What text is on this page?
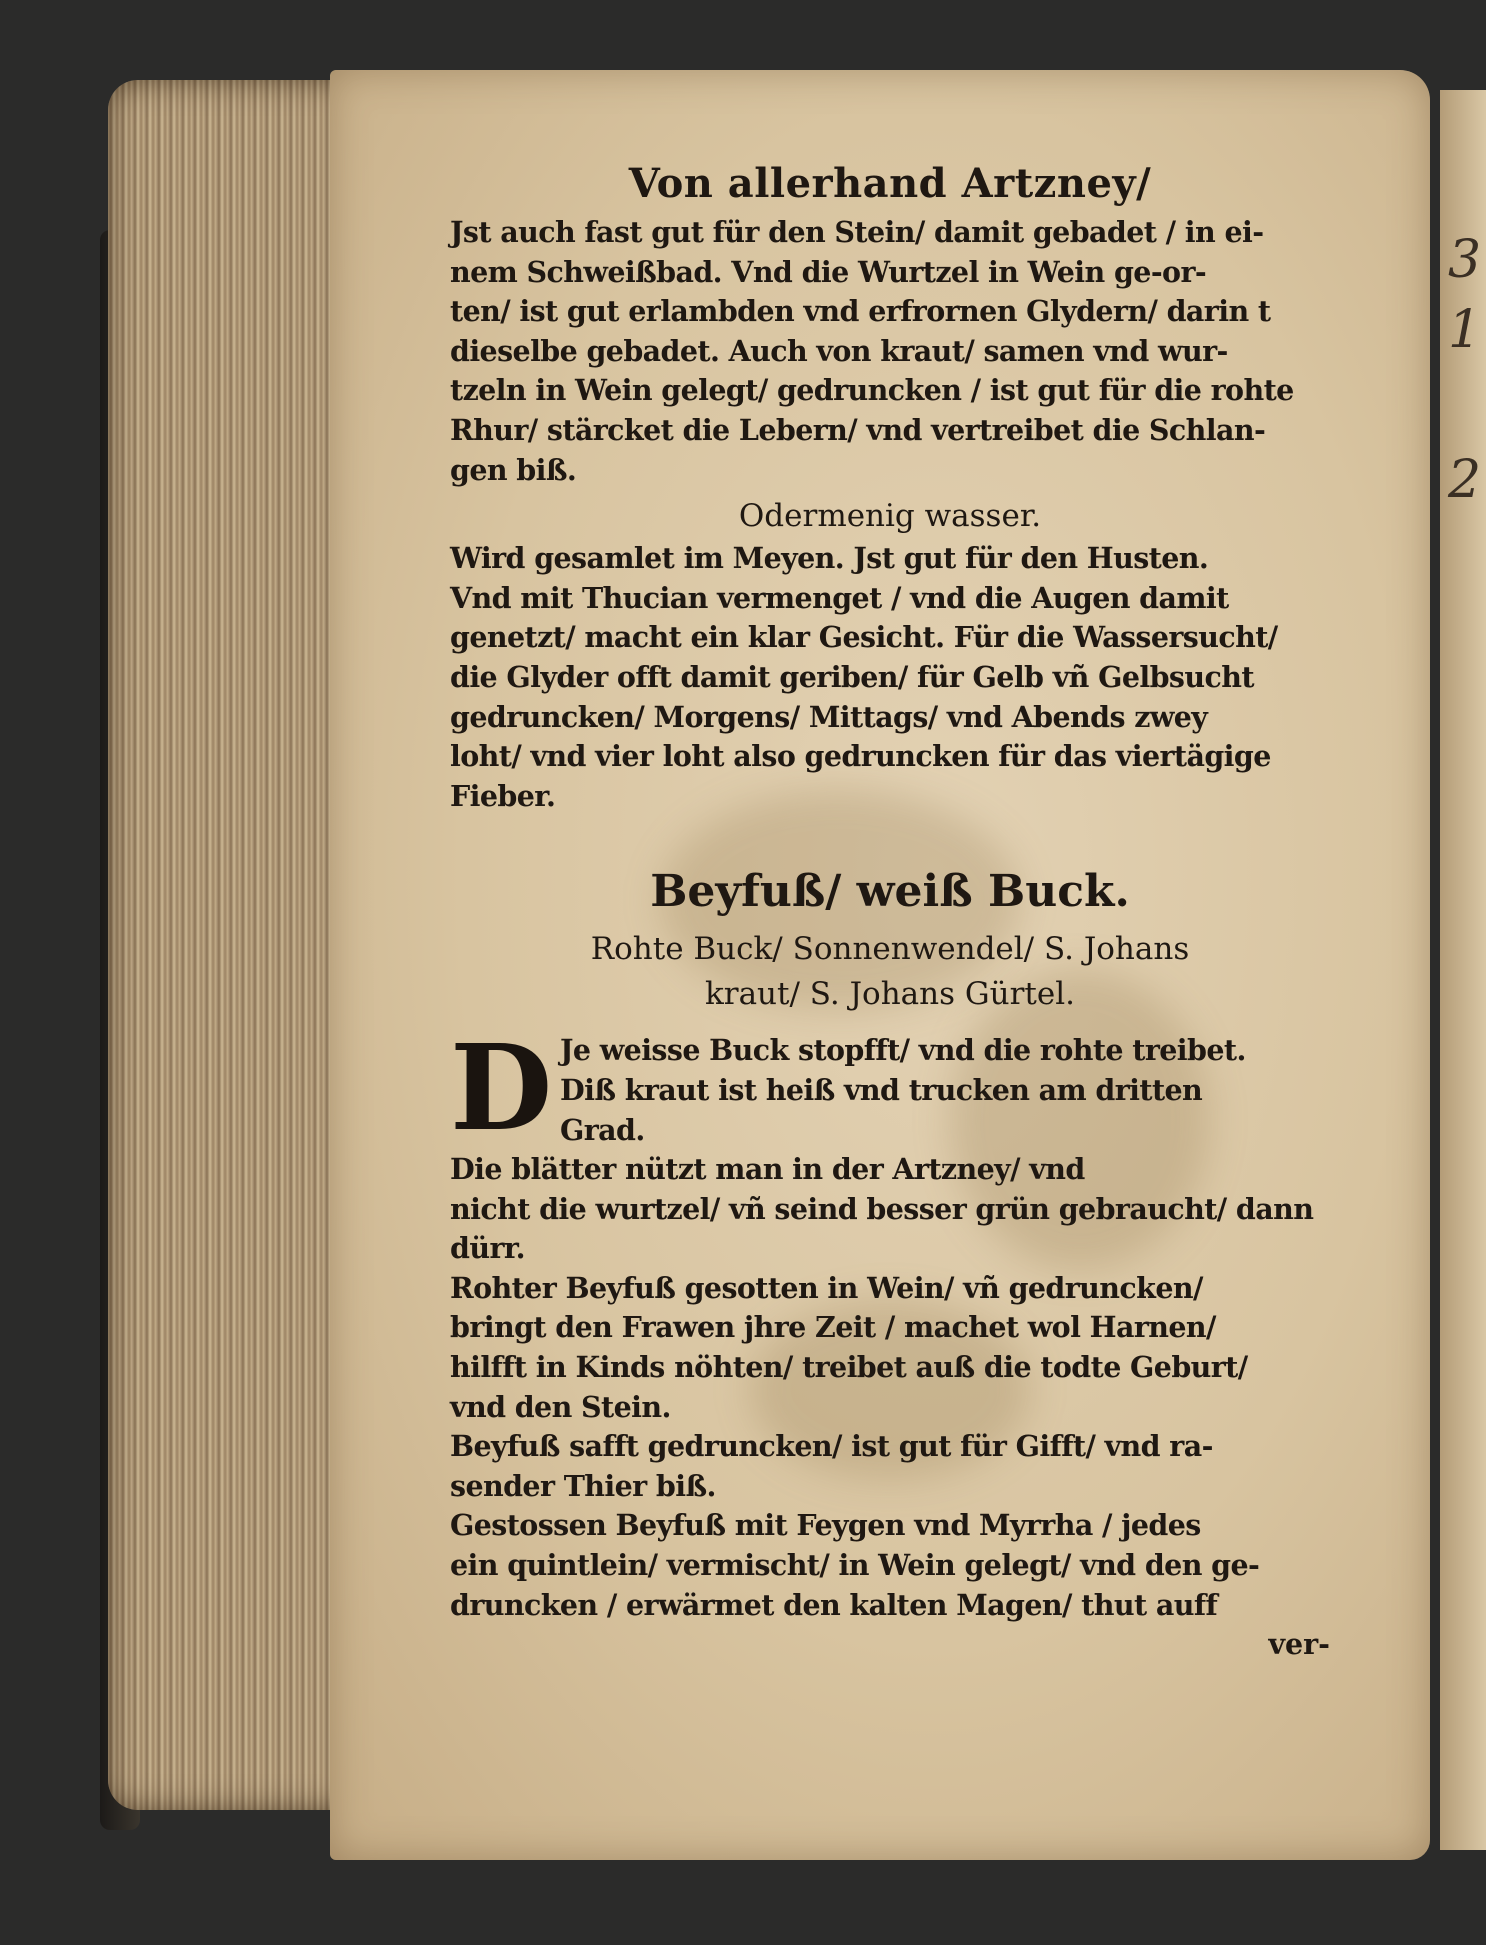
3
1
2
Von allerhand Artzney/
Jst auch fast gut für den Stein/ damit gebadet / in ei-
nem Schweißbad. Vnd die Wurtzel in Wein ge-or-
ten/ ist gut erlambden vnd erfrornen Glydern/ darin t
dieselbe gebadet. Auch von kraut/ samen vnd wur-
tzeln in Wein gelegt/ gedruncken / ist gut für die rohte
Rhur/ stärcket die Lebern/ vnd vertreibet die Schlan-
gen biß.
Odermenig wasser.
Wird gesamlet im Meyen. Jst gut für den Husten.
Vnd mit Thucian vermenget / vnd die Augen damit
genetzt/ macht ein klar Gesicht. Für die Wassersucht/
die Glyder offt damit geriben/ für Gelb vñ Gelbsucht
gedruncken/ Morgens/ Mittags/ vnd Abends zwey
loht/ vnd vier loht also gedruncken für das viertägige
Fieber.
Beyfuß/ weiß Buck.
Rohte Buck/ Sonnenwendel/ S. Johans
kraut/ S. Johans Gürtel.
D Je weisse Buck stopfft/ vnd die rohte treibet.
Diß kraut ist heiß vnd trucken am dritten
Grad.
Die blätter nützt man in der Artzney/ vnd
nicht die wurtzel/ vñ seind besser grün gebraucht/ dann
dürr.
Rohter Beyfuß gesotten in Wein/ vñ gedruncken/
bringt den Frawen jhre Zeit / machet wol Harnen/
hilfft in Kinds nöhten/ treibet auß die todte Geburt/
vnd den Stein.
Beyfuß safft gedruncken/ ist gut für Gifft/ vnd ra-
sender Thier biß.
Gestossen Beyfuß mit Feygen vnd Myrrha / jedes
ein quintlein/ vermischt/ in Wein gelegt/ vnd den ge-
druncken / erwärmet den kalten Magen/ thut auff
ver-
